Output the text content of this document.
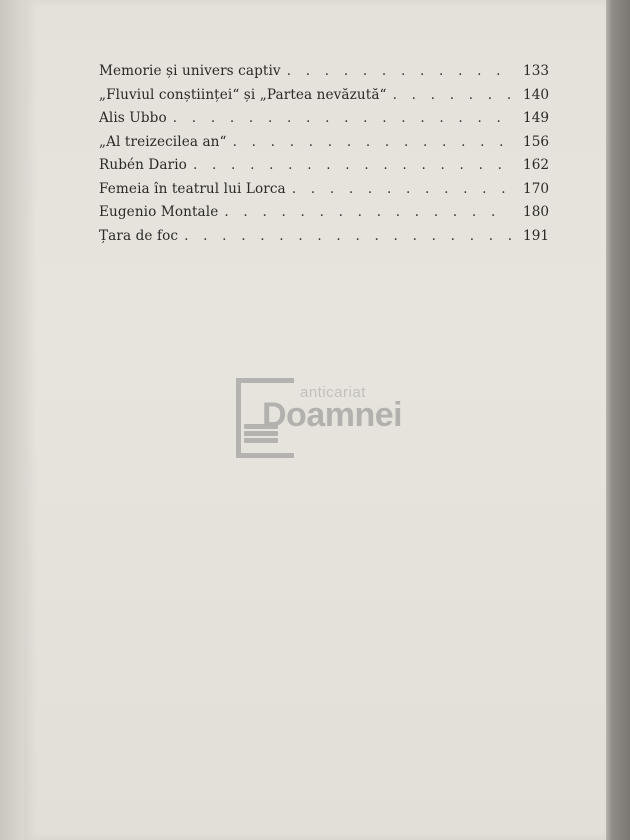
Memorie și univers captiv . . .	133
„Fluviul conștiinței“ și „Partea nevăzută“ . . .	140
Alis Ubbo . . .	149
„Al treizecilea an“ . . .	156
Rubén Dario . . .	162
Femeia în teatrul lui Lorca . . .	170
Eugenio Montale . . .	180
Țara de foc . . .	191
anticariat
Doamnei
